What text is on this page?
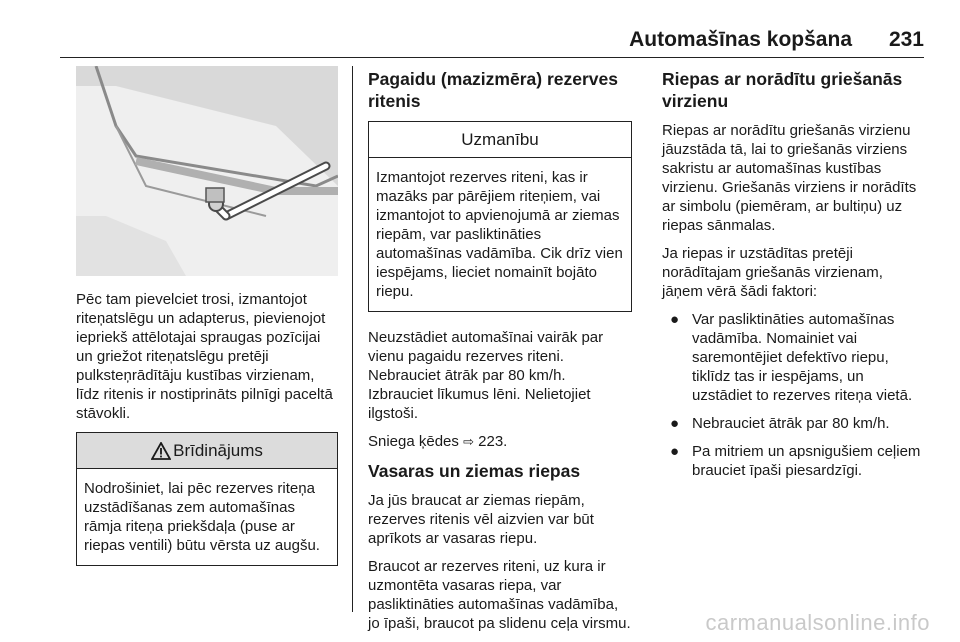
Automašīnas kopšana 231

Pēc tam pievelciet trosi, izmantojot riteņatslēgu un adapterus, pievienojot iepriekš attēlotajai spraugas pozīcijai un griežot riteņatslēgu pretēji pulksteņrādītāju kustības virzienam, līdz ritenis ir nostiprināts pilnīgi paceltā stāvokli.

Brīdinājums
Nodrošiniet, lai pēc rezerves riteņa uzstādīšanas zem automašīnas rāmja riteņa priekšdaļa (puse ar riepas ventili) būtu vērsta uz augšu.
Pagaidu (mazizmēra) rezerves ritenis
Uzmanību
Izmantojot rezerves riteni, kas ir mazāks par pārējiem riteņiem, vai izmantojot to apvienojumā ar ziemas riepām, var pasliktināties automašīnas vadāmība. Cik drīz vien iespējams, lieciet nomainīt bojāto riepu.

Neuzstādiet automašīnai vairāk par vienu pagaidu rezerves riteni. Nebrauciet ātrāk par 80 km/h. Izbrauciet līkumus lēni. Nelietojiet ilgstoši.

Sniega ķēdes ⇨ 223.

Vasaras un ziemas riepas

Ja jūs braucat ar ziemas riepām, rezerves ritenis vēl aizvien var būt aprīkots ar vasaras riepu.

Braucot ar rezerves riteni, uz kura ir uzmontēta vasaras riepa, var pasliktināties automašīnas vadāmība, jo īpaši, braucot pa slidenu ceļa virsmu.

Riepas ar norādītu griešanās virzienu

Riepas ar norādītu griešanās virzienu jāuzstāda tā, lai to griešanās virziens sakristu ar automašīnas kustības virzienu. Griešanās virziens ir norādīts ar simbolu (piemēram, ar bultiņu) uz riepas sānmalas.

Ja riepas ir uzstādītas pretēji norādītajam griešanās virzienam, jāņem vērā šādi faktori:

● Var pasliktināties automašīnas vadāmība. Nomainiet vai saremontējiet defektīvo riepu, tiklīdz tas ir iespējams, un uzstādiet to rezerves riteņa vietā.
● Nebrauciet ātrāk par 80 km/h.
● Pa mitriem un apsnigušiem ceļiem brauciet īpaši piesardzīgi.
carmanualsonline.info
